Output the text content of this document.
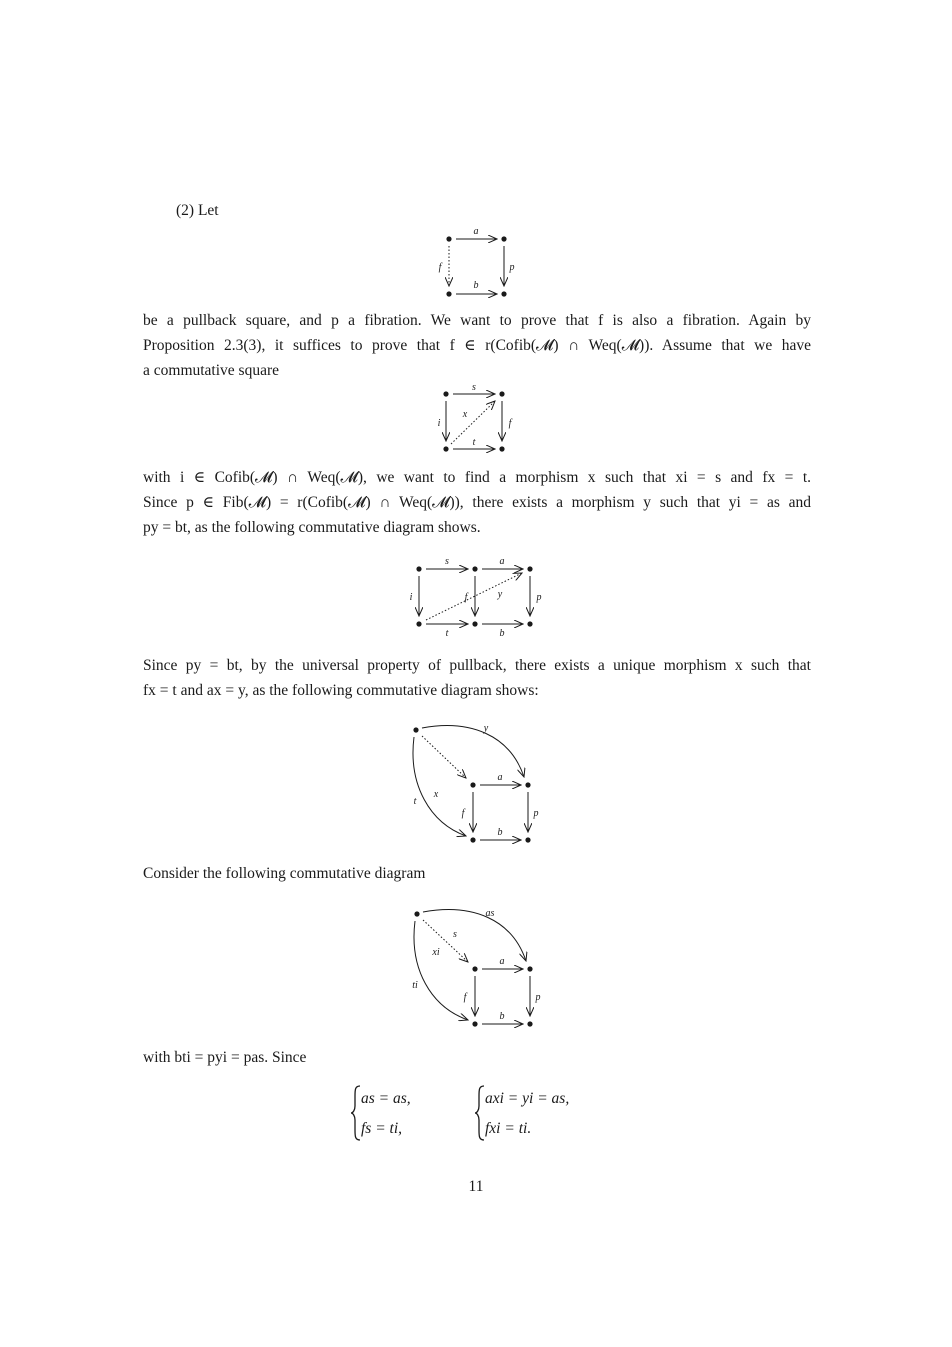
(2) Let
a
f	p
b
be a pullback square, and p a fibration. We want to prove that f is also a fibration. Again by
Proposition 2.3(3), it suffices to prove that f ∈ r(Cofib(𝓜) ∩ Weq(𝓜)). Assume that we have
a commutative square
s
i	f
t
x
with i ∈ Cofib(𝓜) ∩ Weq(𝓜), we want to find a morphism x such that xi = s and fx = t.
Since p ∈ Fib(𝓜) = r(Cofib(𝓜) ∩ Weq(𝓜)), there exists a morphism y such that yi = as and
py = bt, as the following commutative diagram shows.
s	a
i	f	p
t	b
y
Since py = bt, by the universal property of pullback, there exists a unique morphism x such that
fx = t and ax = y, as the following commutative diagram shows:
y
x
t
a
f	p
b
Consider the following commutative diagram
as
s
xi
ti
a
f	p
b
with bti = pyi = pas. Since
as = as,
fs = ti,
axi = yi = as,
fxi = ti.
11
